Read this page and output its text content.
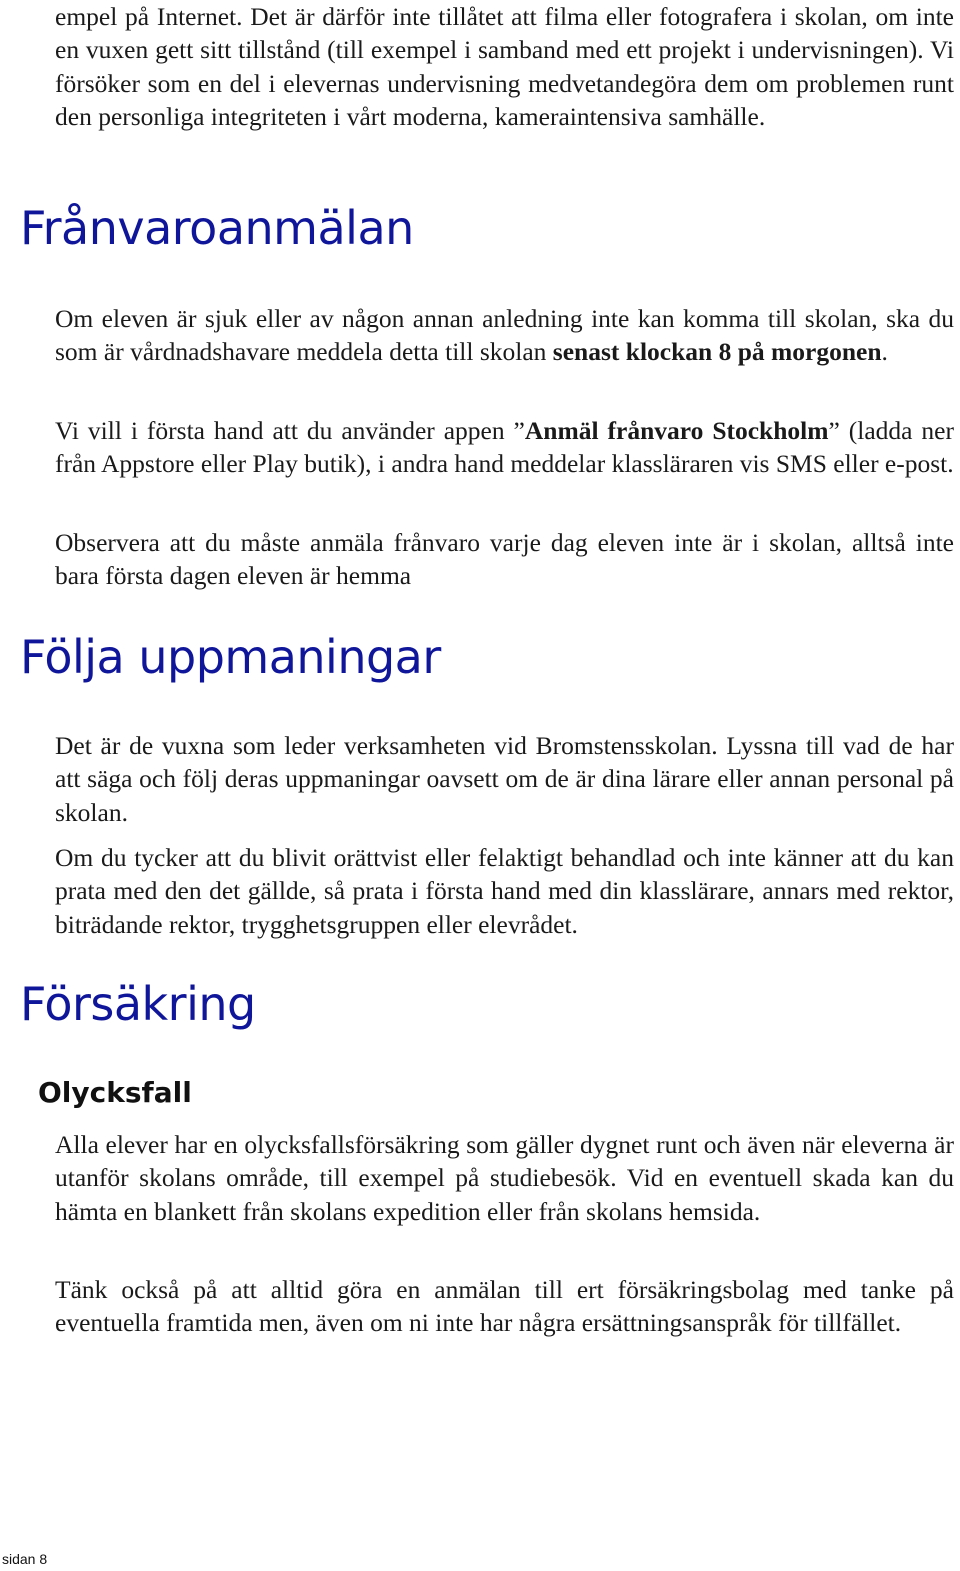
empel på Internet. Det är därför inte tillåtet att filma eller fotografera i skolan, om inte en vuxen gett sitt tillstånd (till exempel i samband med ett projekt i undervisningen). Vi försöker som en del i elevernas undervisning medvetandegöra dem om problemen runt den personliga integriteten i vårt moderna, kameraintensiva samhälle.

Frånvaroanmälan

Om eleven är sjuk eller av någon annan anledning inte kan komma till skolan, ska du som är vårdnadshavare meddela detta till skolan senast klockan 8 på morgonen.

Vi vill i första hand att du använder appen ”Anmäl frånvaro Stockholm” (ladda ner från Appstore eller Play butik), i andra hand meddelar klassläraren vis SMS eller e-post.

Observera att du måste anmäla frånvaro varje dag eleven inte är i skolan, alltså inte bara första dagen eleven är hemma

Följa uppmaningar

Det är de vuxna som leder verksamheten vid Bromstensskolan. Lyssna till vad de har att säga och följ deras uppmaningar oavsett om de är dina lärare eller annan personal på skolan.

Om du tycker att du blivit orättvist eller felaktigt behandlad och inte känner att du kan prata med den det gällde, så prata i första hand med din klasslärare, annars med rektor, biträdande rektor, trygghetsgruppen eller elevrådet.

Försäkring
Olycksfall

Alla elever har en olycksfallsförsäkring som gäller dygnet runt och även när eleverna är utanför skolans område, till exempel på studiebesök. Vid en eventuell skada kan du hämta en blankett från skolans expedition eller från skolans hemsida.

Tänk också på att alltid göra en anmälan till ert försäkringsbolag med tanke på eventuella framtida men, även om ni inte har några ersättningsanspråk för tillfället.

sidan 8
